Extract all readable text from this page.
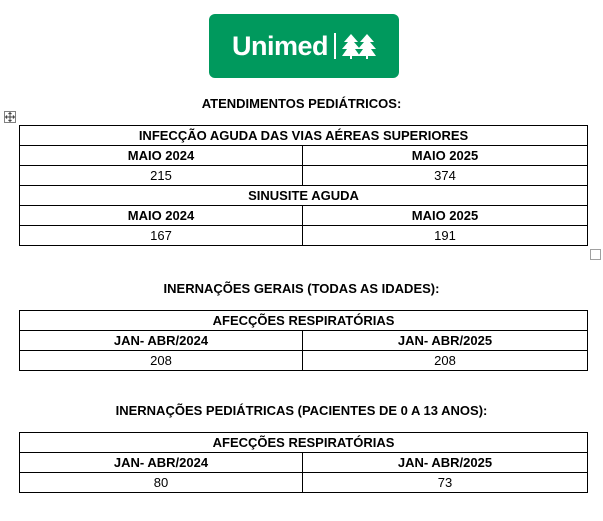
Unimed
ATENDIMENTOS PEDIÁTRICOS:
INFECÇÃO AGUDA DAS VIAS AÉREAS SUPERIORES	
MAIO 2024	MAIO 2025
215	374
SINUSITE AGUDA	
MAIO 2024	MAIO 2025
167	191
INERNAÇÕES GERAIS (TODAS AS IDADES):
AFECÇÕES RESPIRATÓRIAS	
JAN- ABR/2024	JAN- ABR/2025
208	208
INERNAÇÕES PEDIÁTRICAS (PACIENTES DE 0 A 13 ANOS):
AFECÇÕES RESPIRATÓRIAS	
JAN- ABR/2024	JAN- ABR/2025
80	73
